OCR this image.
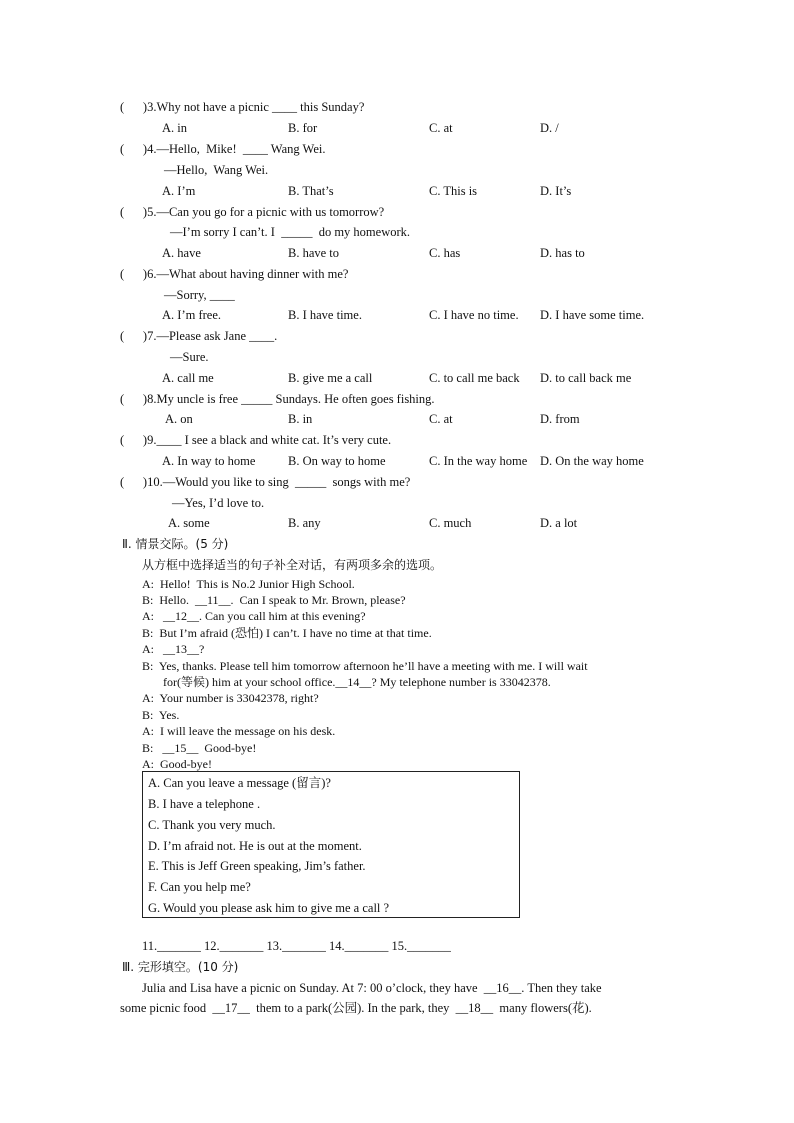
(      )3.Why not have a picnic ____ this Sunday?
A. in	B. for	C. at	D. /
(      )4.—Hello,  Mike!  ____ Wang Wei.
—Hello,  Wang Wei.
A. I’m	B. That’s	C. This is	D. It’s
(      )5.—Can you go for a picnic with us tomorrow?
—I’m sorry I can’t. I  _____  do my homework.
A. have	B. have to	C. has	D. has to
(      )6.—What about having dinner with me?
—Sorry, ____
A. I’m free.	B. I have time.	C. I have no time. D. I have some time.
(      )7.—Please ask Jane ____.
—Sure.
A. call me	B. give me a call	C. to call me back D. to call back me
(      )8.My uncle is free _____ Sundays. He often goes fishing.
A. on	B. in	C. at	D. from
(      )9.____ I see a black and white cat. It’s very cute.
A. In way to home	B. On way to home	C. In the way home D. On the way home
(      )10.—Would you like to sing  _____  songs with me?
—Yes, I’d love to.
A. some	B. any	C. much	D. a lot
Ⅱ. 情景交际。(5 分)
从方框中选择适当的句子补全对话，有两项多余的选项。
A:  Hello!  This is No.2 Junior High School.
B:  Hello.  __11__.  Can I speak to Mr. Brown, please?
A:   __12__. Can you call him at this evening?
B:  But I’m afraid (恐怕) I can’t. I have no time at that time.
A:   __13__?
B:  Yes, thanks. Please tell him tomorrow afternoon he’ll have a meeting with me. I will wait
for(等候) him at your school office.__14__? My telephone number is 33042378.
A:  Your number is 33042378, right?
B:  Yes.
A:  I will leave the message on his desk.
B:   __15__  Good-bye!
A:  Good-bye!
A. Can you leave a message (留言)?
B. I have a telephone .
C. Thank you very much.
D. I’m afraid not. He is out at the moment.
E. This is Jeff Green speaking, Jim’s father.
F. Can you help me?
G. Would you please ask him to give me a call ?
11._______ 12._______ 13._______ 14._______ 15._______
Ⅲ. 完形填空。(10 分)
Julia and Lisa have a picnic on Sunday. At 7: 00 o’clock, they have  __16__. Then they take
some picnic food  __17__  them to a park(公园). In the park, they  __18__  many flowers(花).
